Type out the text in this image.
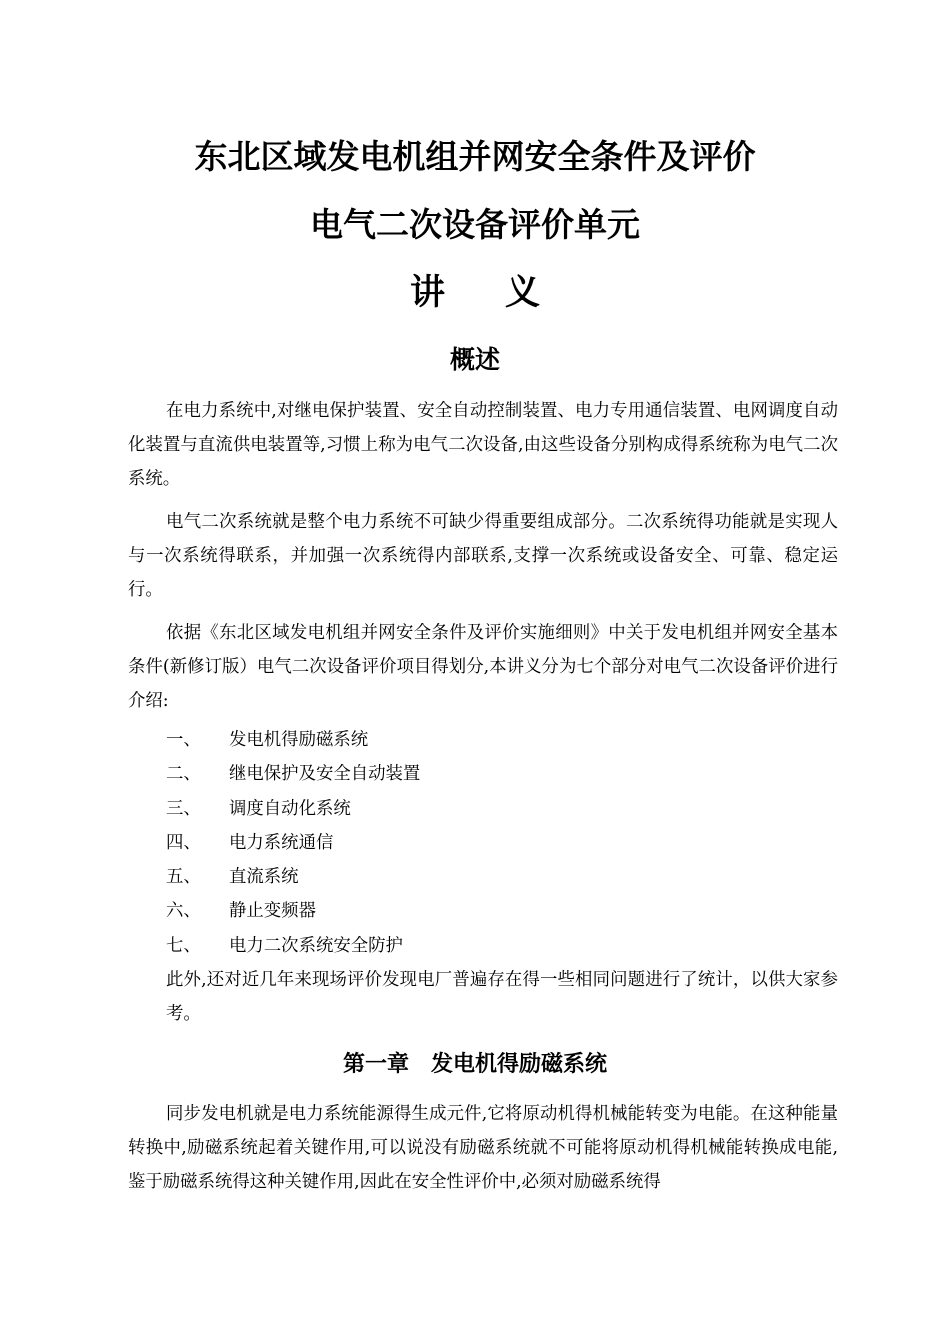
东北区域发电机组并网安全条件及评价
电气二次设备评价单元
讲义
概述

在电力系统中,对继电保护装置、安全自动控制装置、电力专用通信装置、电网调度自动化装置与直流供电装置等,习惯上称为电气二次设备,由这些设备分别构成得系统称为电气二次系统。

电气二次系统就是整个电力系统不可缺少得重要组成部分。二次系统得功能就是实现人与一次系统得联系，并加强一次系统得内部联系,支撑一次系统或设备安全、可靠、稳定运行。

依据《东北区域发电机组并网安全条件及评价实施细则》中关于发电机组并网安全基本条件(新修订版）电气二次设备评价项目得划分,本讲义分为七个部分对电气二次设备评价进行介绍:

一、 发电机得励磁系统
二、 继电保护及安全自动装置
三、 调度自动化系统
四、 电力系统通信
五、 直流系统
六、 静止变频器
七、 电力二次系统安全防护

此外,还对近几年来现场评价发现电厂普遍存在得一些相同问题进行了统计，以供大家参考。

第一章　发电机得励磁系统

同步发电机就是电力系统能源得生成元件,它将原动机得机械能转变为电能。在这种能量转换中,励磁系统起着关键作用,可以说没有励磁系统就不可能将原动机得机械能转换成电能,鉴于励磁系统得这种关键作用,因此在安全性评价中,必须对励磁系统得
